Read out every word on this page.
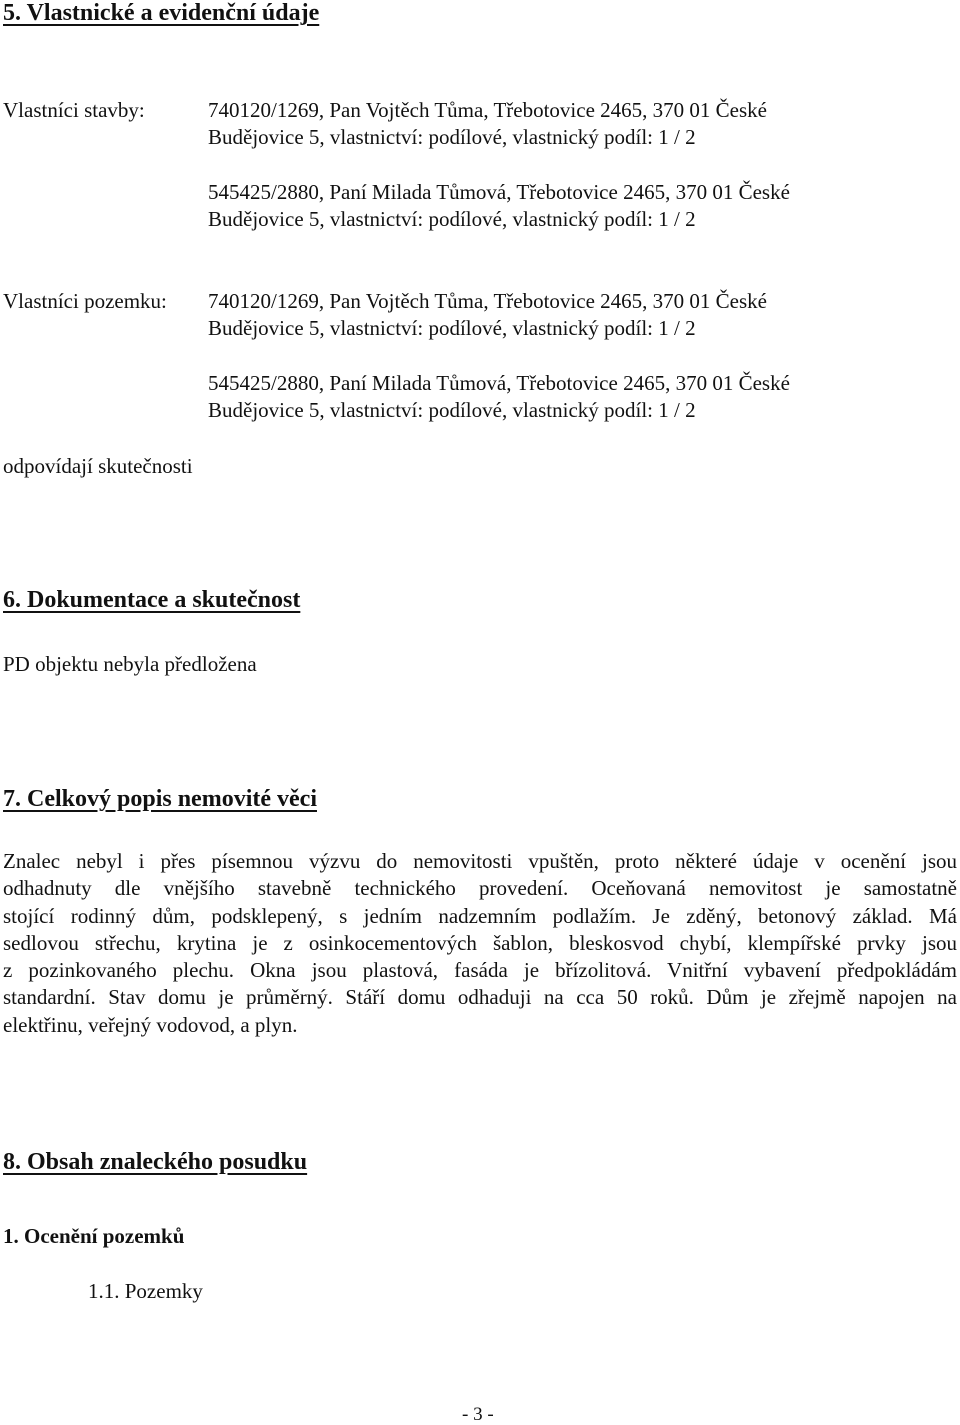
5. Vlastnické a evidenční údaje
Vlastníci stavby:	740120/1269, Pan Vojtěch Tůma, Třebotovice 2465, 370 01 České
Budějovice 5, vlastnictví: podílové, vlastnický podíl: 1 / 2
545425/2880, Paní Milada Tůmová, Třebotovice 2465, 370 01 České
Budějovice 5, vlastnictví: podílové, vlastnický podíl: 1 / 2
Vlastníci pozemku: 740120/1269, Pan Vojtěch Tůma, Třebotovice 2465, 370 01 České
Budějovice 5, vlastnictví: podílové, vlastnický podíl: 1 / 2
545425/2880, Paní Milada Tůmová, Třebotovice 2465, 370 01 České
Budějovice 5, vlastnictví: podílové, vlastnický podíl: 1 / 2
odpovídají skutečnosti
6. Dokumentace a skutečnost
PD objektu nebyla předložena
7. Celkový popis nemovité věci
Znalec nebyl i přes písemnou výzvu do nemovitosti vpuštěn, proto některé údaje v ocenění jsou
odhadnuty dle vnějšího stavebně technického provedení. Oceňovaná nemovitost je samostatně
stojící rodinný dům, podsklepený, s jedním nadzemním podlažím. Je zděný, betonový základ. Má
sedlovou střechu, krytina je z osinkocementových šablon, bleskosvod chybí, klempířské prvky jsou
z pozinkovaného plechu. Okna jsou plastová, fasáda je břízolitová. Vnitřní vybavení předpokládám
standardní. Stav domu je průměrný. Stáří domu odhaduji na cca 50 roků. Dům je zřejmě napojen na
elektřinu, veřejný vodovod, a plyn.
8. Obsah znaleckého posudku
1. Ocenění pozemků
1.1. Pozemky
- 3 -
